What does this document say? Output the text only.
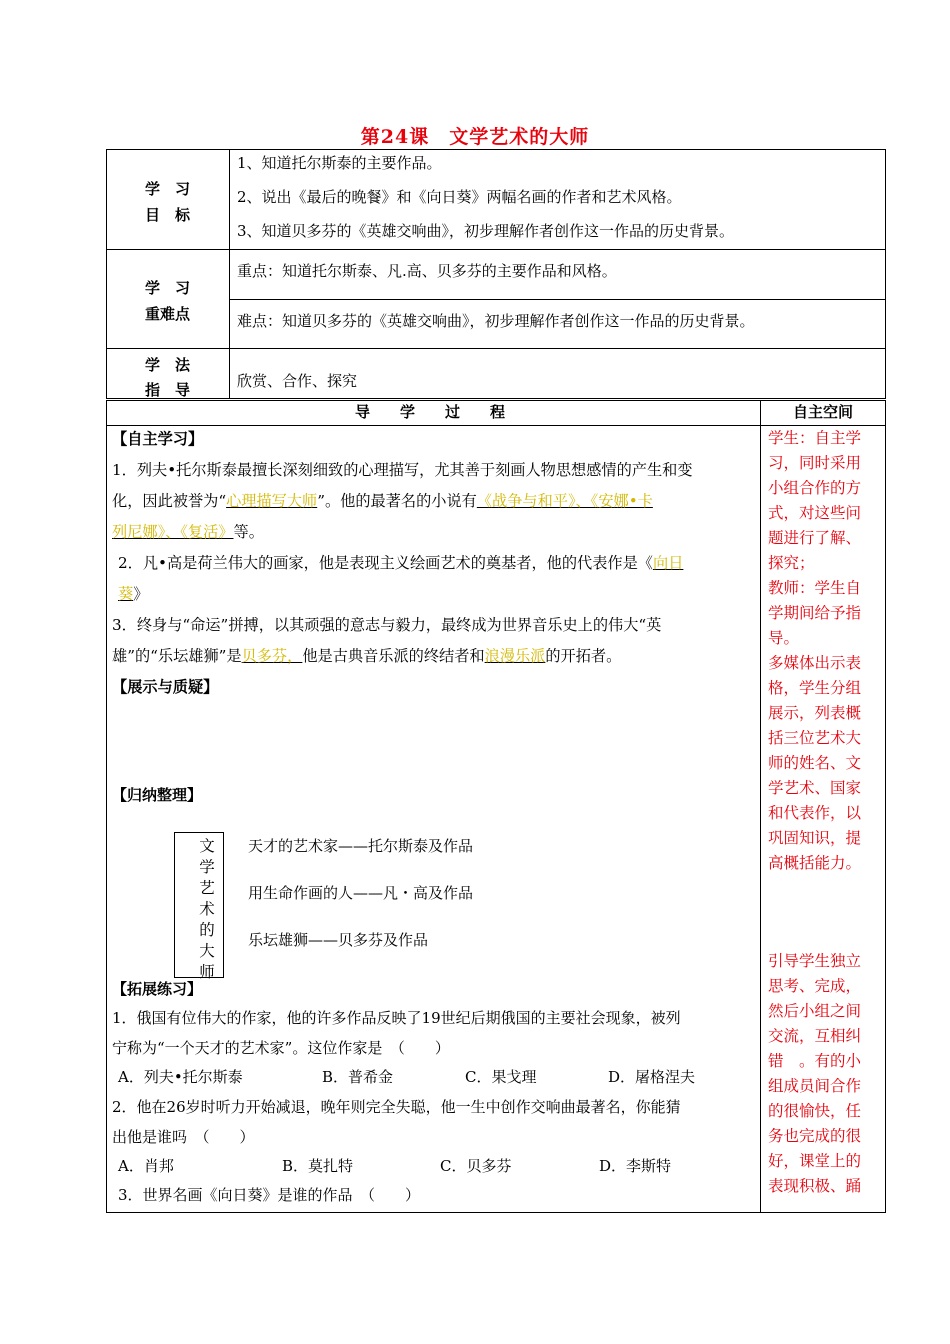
第24课　文学艺术的大师
学　习
目　标
1、知道托尔斯泰的主要作品。
2、说出《最后的晚餐》和《向日葵》两幅名画的作者和艺术风格。
3、知道贝多芬的《英雄交响曲》，初步理解作者创作这一作品的历史背景。
学　习
重难点
重点：知道托尔斯泰、凡.高、贝多芬的主要作品和风格。
难点：知道贝多芬的《英雄交响曲》，初步理解作者创作这一作品的历史背景。
学　法
指　导	欣赏、合作、探究
导　　学　　过　　程	自主空间

【自主学习】

1．列夫•托尔斯泰最擅长深刻细致的心理描写，尤其善于刻画人物思想感情的产生和变
化，因此被誉为“心理描写大师”。他的最著名的小说有《战争与和平》、《安娜•卡
列尼娜》、《复活》等。

2．凡•高是荷兰伟大的画家，他是表现主义绘画艺术的奠基者，他的代表作是《向日
葵》

3．终身与“命运”拼搏，以其顽强的意志与毅力，最终成为世界音乐史上的伟大“英
雄”的“乐坛雄狮”是贝多芬，他是古典音乐派的终结者和浪漫乐派的开拓者。

【展示与质疑】

【归纳整理】
文学艺术的大师
天才的艺术家——托尔斯泰及作品
用生命作画的人——凡・高及作品
乐坛雄狮——贝多芬及作品
【拓展练习】
1．俄国有位伟大的作家，他的许多作品反映了19世纪后期俄国的主要社会现象，被列
宁称为“一个天才的艺术家”。这位作家是　（　　）
A．列夫•托尔斯泰	B．普希金	C．果戈理	D．屠格涅夫
2．他在26岁时听力开始减退，晚年则完全失聪，他一生中创作交响曲最著名，你能猜
出他是谁吗　（　　）
A．肖邦	B．莫扎特	C．贝多芬	D．李斯特
3．世界名画《向日葵》是谁的作品　（　　）
学生：自主学
习，同时采用
小组合作的方
式，对这些问
题进行了解、
探究；
教师：学生自
学期间给予指
导。
多媒体出示表
格，学生分组
展示，列表概
括三位艺术大
师的姓名、文
学艺术、国家
和代表作，以
巩固知识，提
高概括能力。
引导学生独立
思考、完成，
然后小组之间
交流，互相纠
错　。有的小
组成员间合作
的很愉快，任
务也完成的很
好，课堂上的
表现积极、踊
